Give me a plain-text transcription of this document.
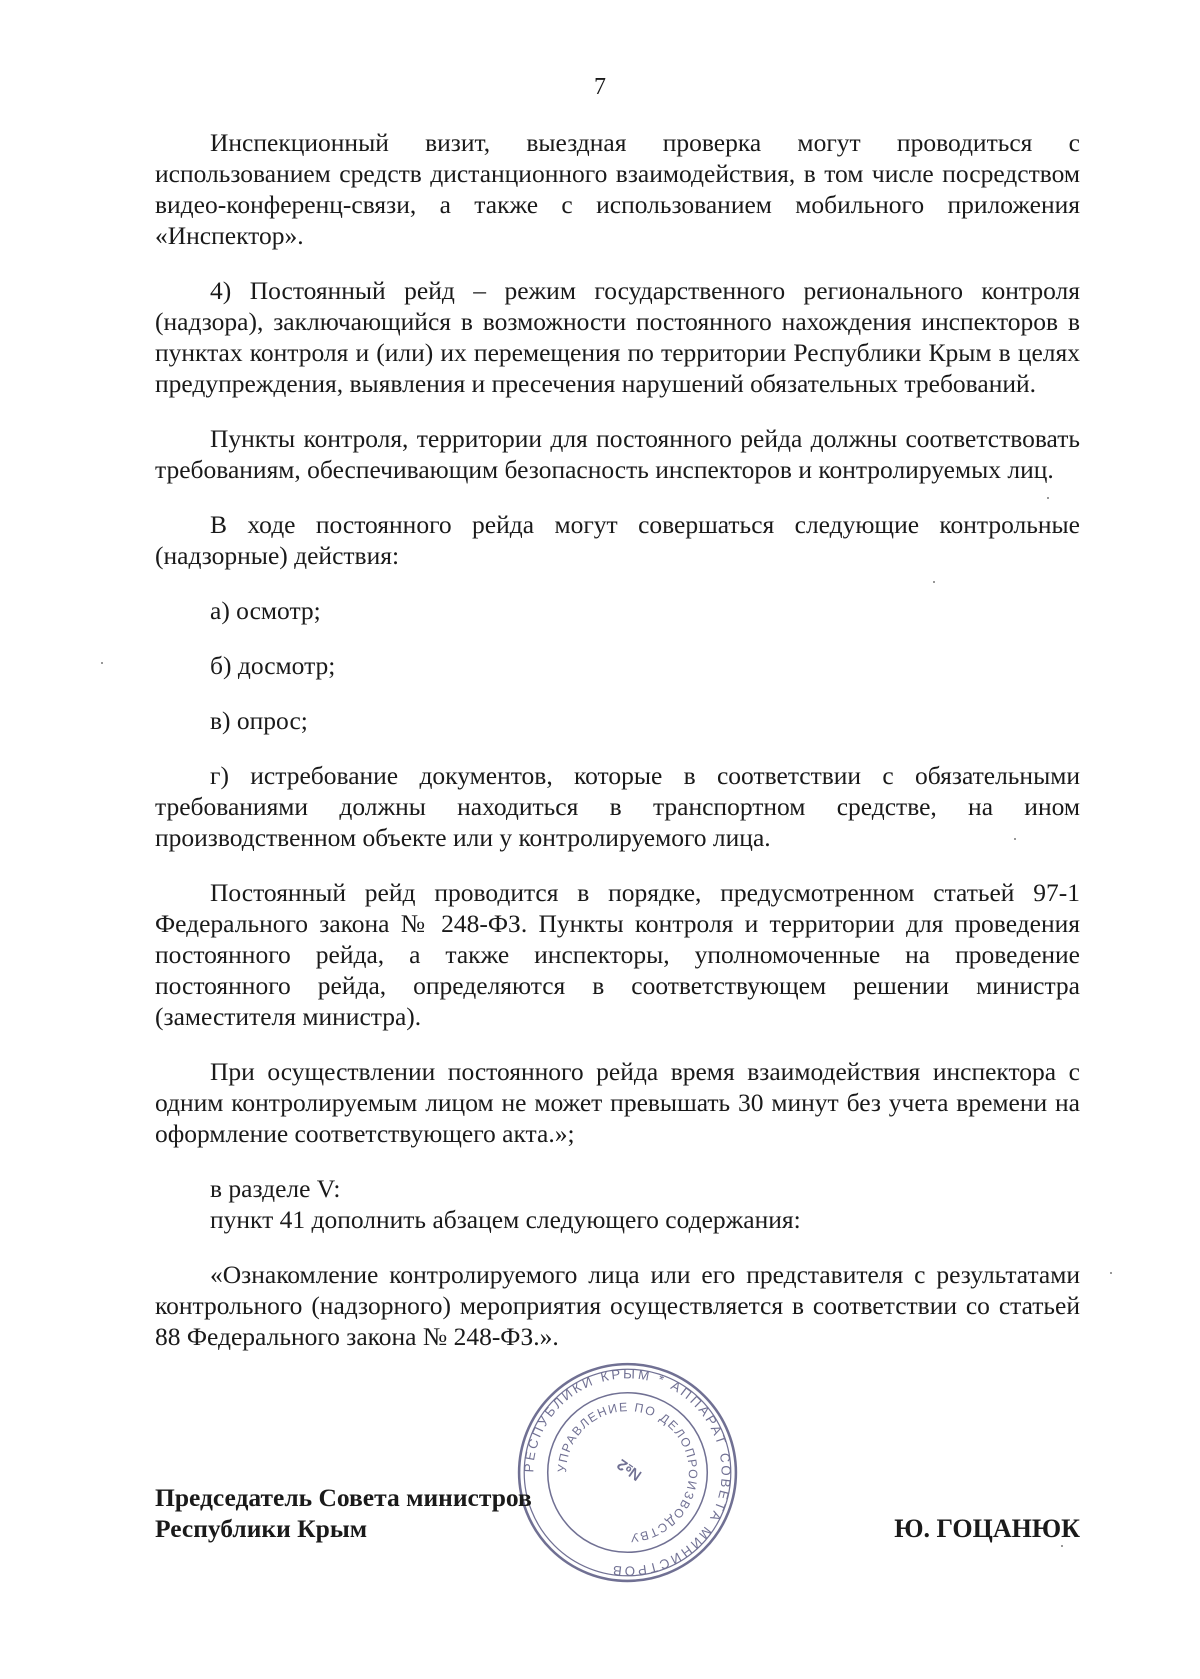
7

Инспекционный визит, выездная проверка могут проводиться с использованием средств дистанционного взаимодействия, в том числе посредством видео-конференц-связи, а также с использованием мобильного приложения «Инспектор».

4) Постоянный рейд – режим государственного регионального контроля (надзора), заключающийся в возможности постоянного нахождения инспекторов в пунктах контроля и (или) их перемещения по территории Республики Крым в целях предупреждения, выявления и пресечения нарушений обязательных требований.

Пункты контроля, территории для постоянного рейда должны соответствовать требованиям, обеспечивающим безопасность инспекторов и контролируемых лиц.

В ходе постоянного рейда могут совершаться следующие контрольные (надзорные) действия:

а) осмотр;

б) досмотр;

в) опрос;

г) истребование документов, которые в соответствии с обязательными требованиями должны находиться в транспортном средстве, на ином производственном объекте или у контролируемого лица.

Постоянный рейд проводится в порядке, предусмотренном статьей 97-1 Федерального закона № 248-ФЗ. Пункты контроля и территории для проведения постоянного рейда, а также инспекторы, уполномоченные на проведение постоянного рейда, определяются в соответствующем решении министра (заместителя министра).

При осуществлении постоянного рейда время взаимодействия инспектора с одним контролируемым лицом не может превышать 30 минут без учета времени на оформление соответствующего акта.»;

в разделе V:

пункт 41 дополнить абзацем следующего содержания:

«Ознакомление контролируемого лица или его представителя с результатами контрольного (надзорного) мероприятия осуществляется в соответствии со статьей 88 Федерального закона № 248-ФЗ.».

РЕСПУБЛИКИ КРЫМ * АППАРАТ СОВЕТА МИНИСТРОВ
УПРАВЛЕНИЕ ПО ДЕЛОПРОИЗВОДСТВУ
№2
Председатель Совета министров
Республики Крым	Ю. ГОЦАНЮК
